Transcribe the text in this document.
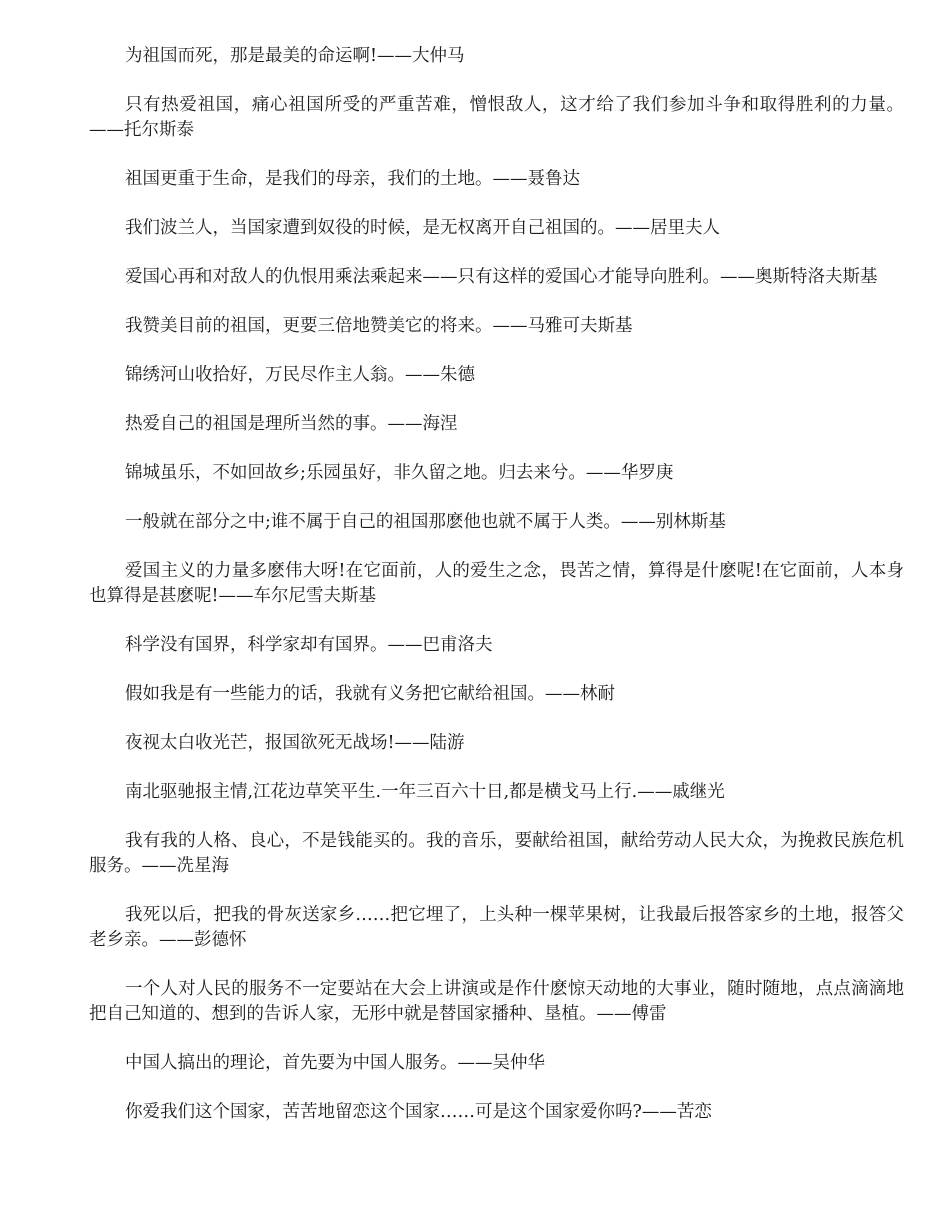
为祖国而死，那是最美的命运啊!——大仲马

只有热爱祖国，痛心祖国所受的严重苦难，憎恨敌人，这才给了我们参加斗争和取得胜利的力量。——托尔斯泰

祖国更重于生命，是我们的母亲，我们的土地。——聂鲁达

我们波兰人，当国家遭到奴役的时候，是无权离开自己祖国的。——居里夫人

爱国心再和对敌人的仇恨用乘法乘起来——只有这样的爱国心才能导向胜利。——奥斯特洛夫斯基

我赞美目前的祖国，更要三倍地赞美它的将来。——马雅可夫斯基

锦绣河山收拾好，万民尽作主人翁。——朱德

热爱自己的祖国是理所当然的事。——海涅

锦城虽乐，不如回故乡;乐园虽好，非久留之地。归去来兮。——华罗庚

一般就在部分之中;谁不属于自己的祖国那麽他也就不属于人类。——别林斯基

爱国主义的力量多麽伟大呀!在它面前，人的爱生之念，畏苦之情，算得是什麽呢!在它面前，人本身也算得是甚麽呢!——车尔尼雪夫斯基

科学没有国界，科学家却有国界。——巴甫洛夫

假如我是有一些能力的话，我就有义务把它献给祖国。——林耐

夜视太白收光芒，报国欲死无战场!——陆游

南北驱驰报主情,江花边草笑平生.一年三百六十日,都是横戈马上行.——戚继光

我有我的人格、良心，不是钱能买的。我的音乐，要献给祖国，献给劳动人民大众，为挽救民族危机服务。——冼星海

我死以后，把我的骨灰送家乡……把它埋了，上头种一棵苹果树，让我最后报答家乡的土地，报答父老乡亲。——彭德怀

一个人对人民的服务不一定要站在大会上讲演或是作什麽惊天动地的大事业，随时随地，点点滴滴地把自己知道的、想到的告诉人家，无形中就是替国家播种、垦植。——傅雷

中国人搞出的理论，首先要为中国人服务。——吴仲华

你爱我们这个国家，苦苦地留恋这个国家……可是这个国家爱你吗?——苦恋
